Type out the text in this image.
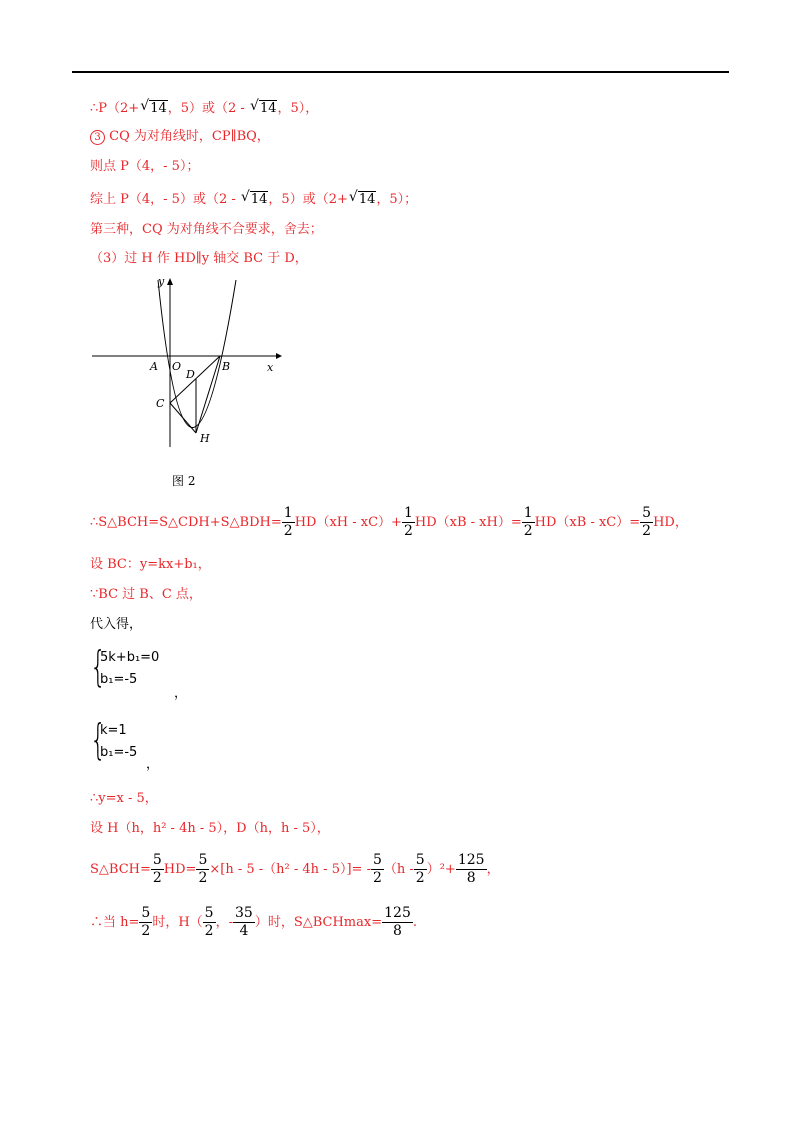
∴P（2+ √ 14，5）或（2 - √ 14，5），
3 CQ 为对角线时，CP∥BQ，
则点 P（4，- 5）；
综上 P（4，- 5）或（2 - √ 14，5）或（2+ √ 14，5）；
第三种，CQ 为对角线不合要求，舍去；
（3）过 H 作 HD∥y 轴交 BC 于 D，
y
x
A O	B
C
D
H
图 2
∴S△BCH=S△CDH+S△BDH= $\frac{1}{2} HD(xH - xC)+ \frac{1}{2} HD(xB - xH)= \frac{1}{2} HD(xB - xC)= \frac{5}{2}$ HD，
设 BC：y=kx+b₁，
∵BC 过 B、C 点，
代入得，
{
5k+b₁=0
b₁=-5
，
{
k=1
b₁=-5
，
∴y=x - 5，
设 H（h，h² - 4h - 5），D（h，h - 5），
S△BCH= $\frac{5}{2} HD= \frac{5}{2} \times[h - 5$ $-(h^2 - 4h - 5)]= - \frac{5}{2} (h - \frac{5}{2} )^2+ \frac{125}{8}$ ，
∴当 $h= \frac{5}{2}$ 时，$H( \frac{5}{2}$ ，- $\frac{35}{4}$ ）时，S△BCHmax= $\frac{125}{8}$ .
